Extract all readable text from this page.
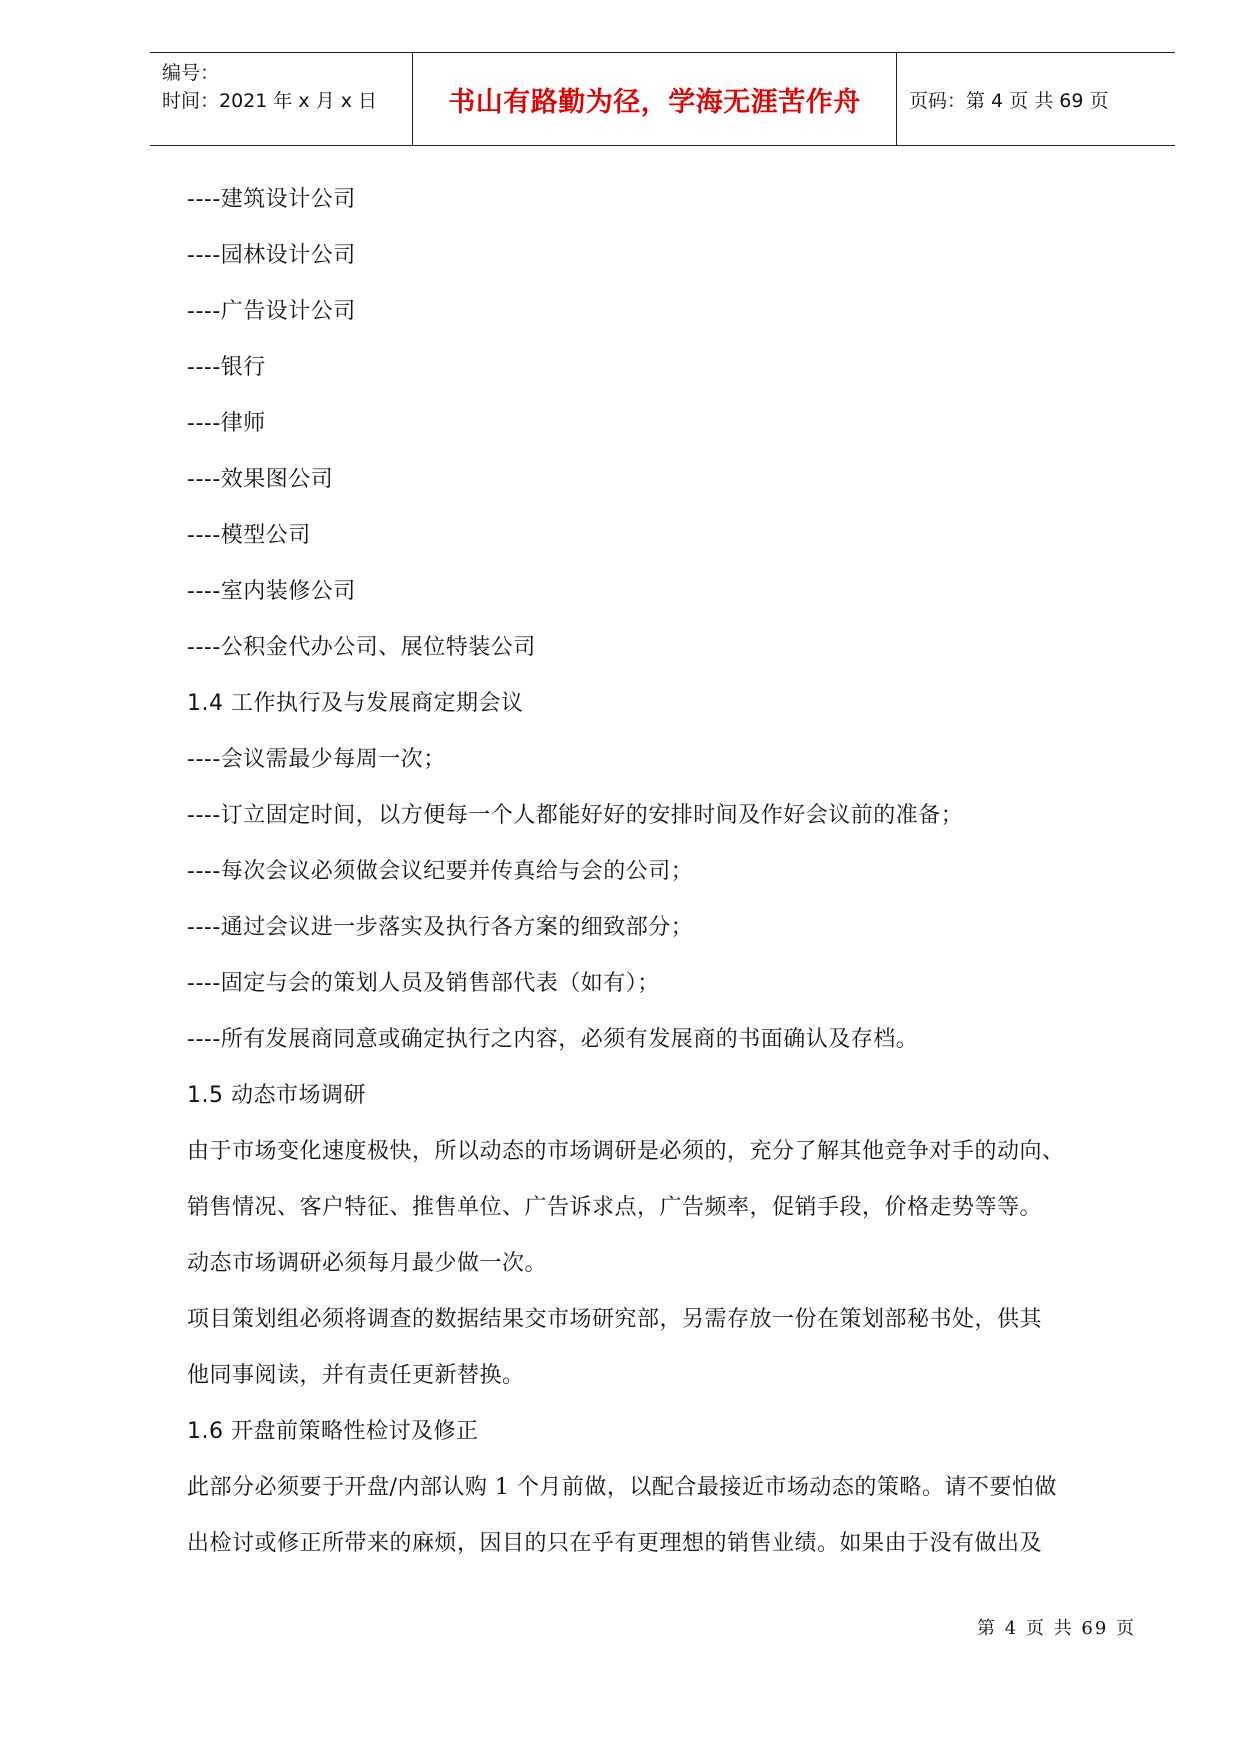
编号：
时间：2021 年 x 月 x 日	书山有路勤为径，学海无涯苦作舟	页码：第 4 页 共 69 页
----建筑设计公司
----园林设计公司
----广告设计公司
----银行
----律师
----效果图公司
----模型公司
----室内装修公司
----公积金代办公司、展位特装公司
1.4 工作执行及与发展商定期会议
----会议需最少每周一次；
----订立固定时间，以方便每一个人都能好好的安排时间及作好会议前的准备；
----每次会议必须做会议纪要并传真给与会的公司；
----通过会议进一步落实及执行各方案的细致部分；
----固定与会的策划人员及销售部代表（如有）；
----所有发展商同意或确定执行之内容，必须有发展商的书面确认及存档。
1.5 动态市场调研
由于市场变化速度极快，所以动态的市场调研是必须的，充分了解其他竞争对手的动向、
销售情况、客户特征、推售单位、广告诉求点，广告频率，促销手段，价格走势等等。
动态市场调研必须每月最少做一次。
项目策划组必须将调查的数据结果交市场研究部，另需存放一份在策划部秘书处，供其
他同事阅读，并有责任更新替换。
1.6 开盘前策略性检讨及修正
此部分必须要于开盘/内部认购 1 个月前做，以配合最接近市场动态的策略。请不要怕做
出检讨或修正所带来的麻烦，因目的只在乎有更理想的销售业绩。如果由于没有做出及
第 4 页 共 69 页
